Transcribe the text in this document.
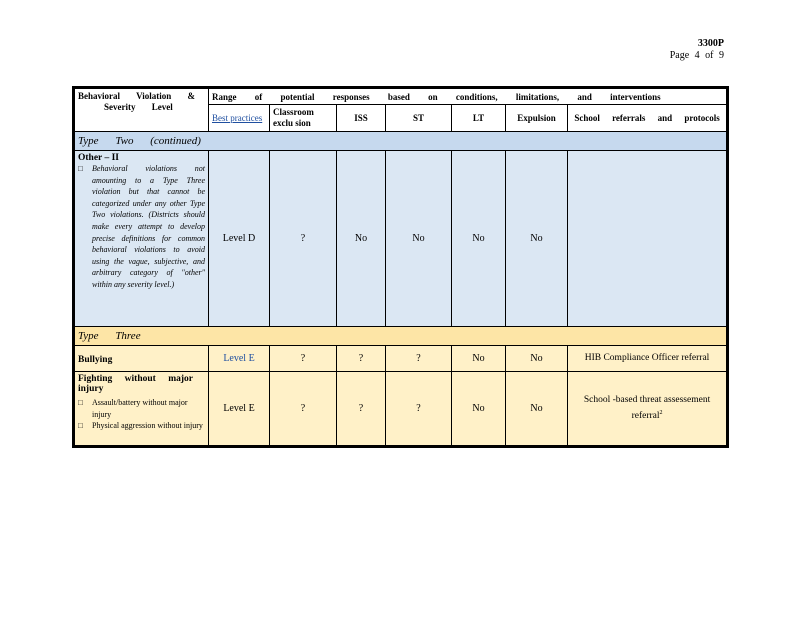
3300P
Page 4 of 9
Behavioral Violation &
Severity Level	Range of potential responses based on conditions, limitations, and interventions						
	Best practices	Classroom exclu sion	ISS	ST	LT	Expulsion	School referrals and protocols
Type Two (continued)							

Other – II
□ Behavioral violations not amounting to a Type Three violation but that cannot be categorized under any other Type Two violations. (Districts should make every attempt to develop precise definitions for common behavioral violations to avoid using the vague, subjective, and arbitrary category of "other" within any severity level.)	Level D	?	No	No	No	No	
Type Three							

Bullying	Level E	?	?	?	No	No	HIB Compliance Officer referral

Fighting without major injury
□ Assault/battery without major injury
□ Physical aggression without injury	Level E	?	?	?	No	No	School -based threat assessement referral$^2$
